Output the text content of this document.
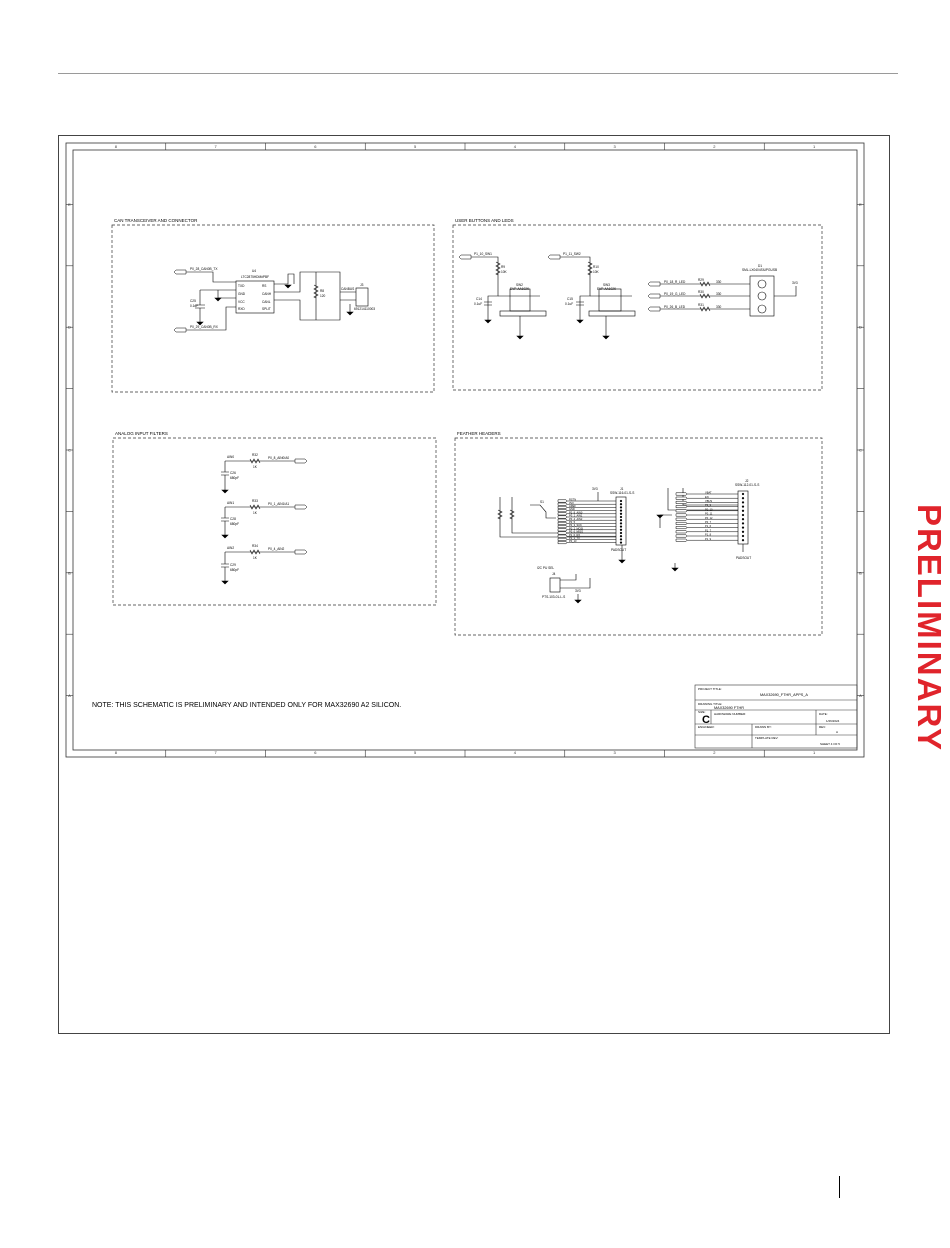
8
8
7
7
6
6
5
5
4
4
3
3
2
2
1
1
E	E
D	D
C	C
B	B
A	A
CAN TRANSCEIVER AND CONNECTOR
P0_28_CAN0B_TX
P0_29_CAN0B_RX
U4
LTC2875HDM#PBF
TXD
GND
VCC
RXD
RS
CANH
CANL
SPLIT
C25
0.1uF
R8
120
J3
CANBUS
691214110003
USER BUTTONS AND LEDS
P1_10_SW1	P1_11_SW2
R9
10K
R10
10K
C14
0.1uF
C15
0.1uF
SW2
EVP-AA102K
SW3
EVP-AA102K
P0_18_R_LED
P0_19_G_LED
P0_26_B_LED
R29
R30
R31
330
330
330
D1
SML-LX0404SIUPGUSB
3V3
ANALOG INPUT FILTERS
AIN0
AIN1
AIN2
R32
R33
R34
1K
1K
1K
P0_8_AIN0/A0
P0_1_AIN1/A1
P0_4_AIN2
C26
C28
C29
680pF
680pF
680pF
FEATHER HEADERS
J1
SSW-116-01-S-S
PADSOUT
J2
SSW-112-01-S-S
PADSOUT
S1
I2C PU SEL
J4
PTS-103-01-L-S
3V3
3V3
RSTN
3V3
AREF
GND
P0_8_AIN0
P0_1_AIN1
P0_4_AIN2
P0_5
P0_3_SCK
P0_2_MOSI
P0_6_MISO
P1_0_RX
P1_1_TX
P0_13
VBAT
EN
VBUS
P0_9
P0_10
P0_11
P0_12
P0_7
P1_6
P1_7
P1_8
P1_9
NOTE: THIS SCHEMATIC IS PRELIMINARY AND INTENDED ONLY FOR MAX32690 A2 SILICON.
PROJECT TITLE:
MAX32690_FTHR_APPS_A
DRAWING TITLE:
SIZE:
MAX32690 FTHR
HARDWARE NUMBER:	DATE:
1/26/2024
ENGINEER:	DRAWN BY:	REV:
A
TEMPLATE REV:
SHEET 4 OF 5
C	PRELIMINARY
